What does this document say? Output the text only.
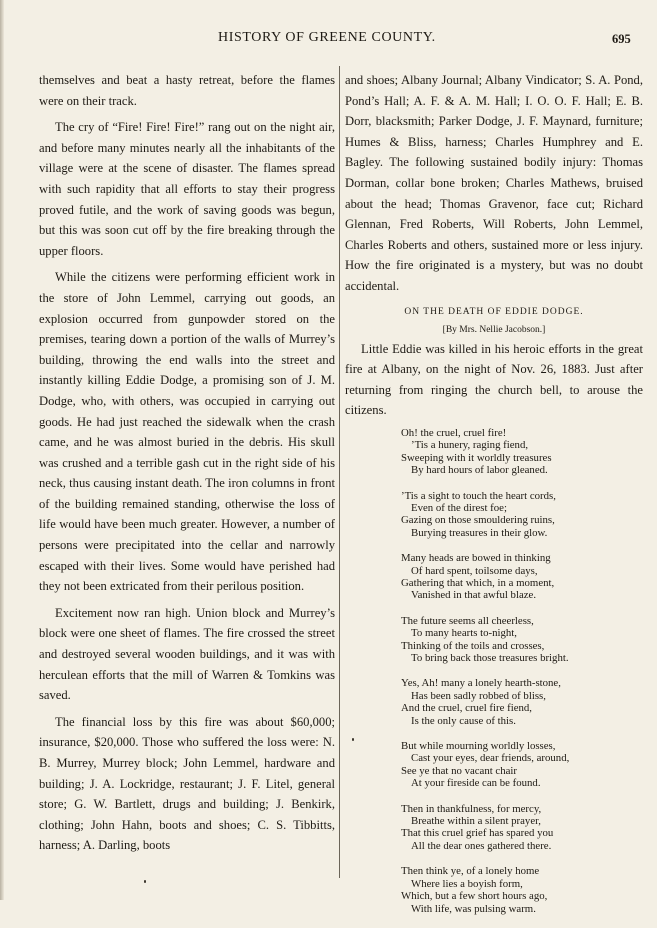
HISTORY OF GREENE COUNTY.	695

themselves and beat a hasty retreat, before the flames were on their track.

The cry of “Fire! Fire! Fire!” rang out on the night air, and before many minutes nearly all the inhabitants of the village were at the scene of disaster. The flames spread with such rapidity that all efforts to stay their progress proved futile, and the work of saving goods was begun, but this was soon cut off by the fire breaking through the upper floors.

While the citizens were performing efficient work in the store of John Lemmel, carrying out goods, an explosion occurred from gunpowder stored on the premises, tearing down a portion of the walls of Murrey’s building, throwing the end walls into the street and instantly killing Eddie Dodge, a promising son of J. M. Dodge, who, with others, was occupied in carrying out goods. He had just reached the sidewalk when the crash came, and he was almost buried in the debris. His skull was crushed and a terrible gash cut in the right side of his neck, thus causing instant death. The iron columns in front of the building remained standing, otherwise the loss of life would have been much greater. However, a number of persons were precipitated into the cellar and narrowly escaped with their lives. Some would have perished had they not been extricated from their perilous position.

Excitement now ran high. Union block and Murrey’s block were one sheet of flames. The fire crossed the street and destroyed several wooden buildings, and it was with herculean efforts that the mill of Warren & Tomkins was saved.

The financial loss by this fire was about $60,000; insurance, $20,000. Those who suffered the loss were: N. B. Murrey, Murrey block; John Lemmel, hardware and building; J. A. Lockridge, restaurant; J. F. Litel, general store; G. W. Bartlett, drugs and building; J. Benkirk, clothing; John Hahn, boots and shoes; C. S. Tibbitts, harness; A. Darling, boots

and shoes; Albany Journal; Albany Vindicator; S. A. Pond, Pond’s Hall; A. F. & A. M. Hall; I. O. O. F. Hall; E. B. Dorr, blacksmith; Parker Dodge, J. F. Maynard, furniture; Humes & Bliss, harness; Charles Humphrey and E. Bagley. The following sustained bodily injury: Thomas Dorman, collar bone broken; Charles Mathews, bruised about the head; Thomas Gravenor, face cut; Richard Glennan, Fred Roberts, Will Roberts, John Lemmel, Charles Roberts and others, sustained more or less injury. How the fire originated is a mystery, but was no doubt accidental.

ON THE DEATH OF EDDIE DODGE.
[By Mrs. Nellie Jacobson.]

Little Eddie was killed in his heroic efforts in the great fire at Albany, on the night of Nov. 26, 1883. Just after returning from ringing the church bell, to arouse the citizens.

Oh! the cruel, cruel fire!
’Tis a hunery, raging fiend,
Sweeping with it worldly treasures
By hard hours of labor gleaned.
’Tis a sight to touch the heart cords,
Even of the direst foe;
Gazing on those smouldering ruins,
Burying treasures in their glow.
Many heads are bowed in thinking
Of hard spent, toilsome days,
Gathering that which, in a moment,
Vanished in that awful blaze.
The future seems all cheerless,
To many hearts to-night,
Thinking of the toils and crosses,
To bring back those treasures bright.
Yes, Ah! many a lonely hearth-stone,
Has been sadly robbed of bliss,
And the cruel, cruel fire fiend,
Is the only cause of this.
But while mourning worldly losses,
Cast your eyes, dear friends, around,
See ye that no vacant chair
At your fireside can be found.
Then in thankfulness, for mercy,
Breathe within a silent prayer,
That this cruel grief has spared you
All the dear ones gathered there.
Then think ye, of a lonely home
Where lies a boyish form,
Which, but a few short hours ago,
With life, was pulsing warm.
